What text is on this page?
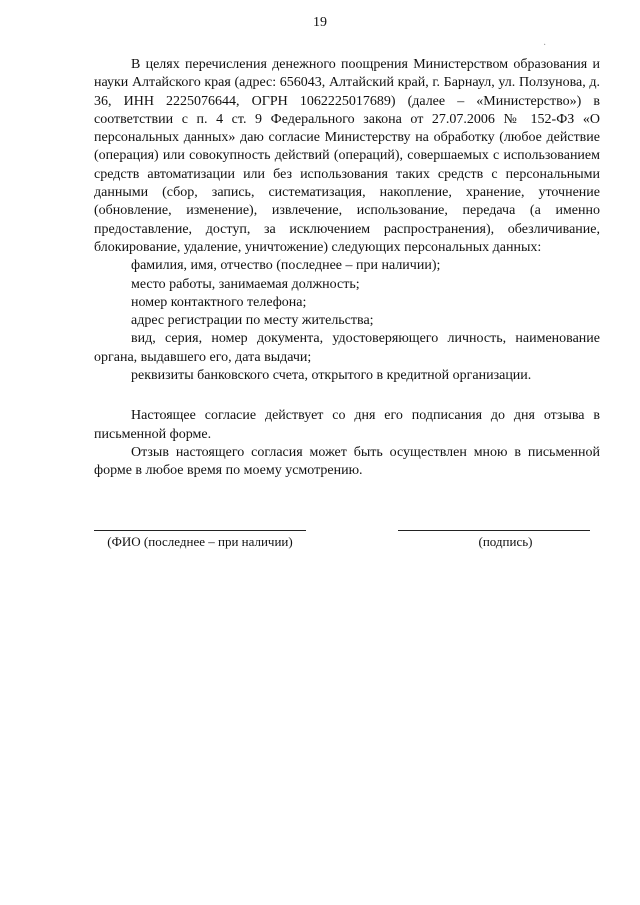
19
·

В целях перечисления денежного поощрения Министерством образования и науки Алтайского края (адрес: 656043, Алтайский край, г. Барнаул, ул. Ползунова, д. 36, ИНН 2225076644, ОГРН 1062225017689) (далее – «Министерство») в соответствии с п. 4 ст. 9 Федерального закона от 27.07.2006 № 152-ФЗ «О персональных данных» даю согласие Министерству на обработку (любое действие (операция) или совокупность действий (операций), совершаемых с использованием средств автоматизации или без использования таких средств с персональными данными (сбор, запись, систематизация, накопление, хранение, уточнение (обновление, изменение), извлечение, использование, передача (а именно предоставление, доступ, за исключением распространения), обезличивание, блокирование, удаление, уничтожение) следующих персональных данных:

фамилия, имя, отчество (последнее – при наличии);
место работы, занимаемая должность;
номер контактного телефона;
адрес регистрации по месту жительства;
вид, серия, номер документа, удостоверяющего личность, наименование органа, выдавшего его, дата выдачи;
реквизиты банковского счета, открытого в кредитной организации.

Настоящее согласие действует со дня его подписания до дня отзыва в письменной форме.

Отзыв настоящего согласия может быть осуществлен мною в письменной форме в любое время по моему усмотрению.

(ФИО (последнее – при наличии)	(подпись)
